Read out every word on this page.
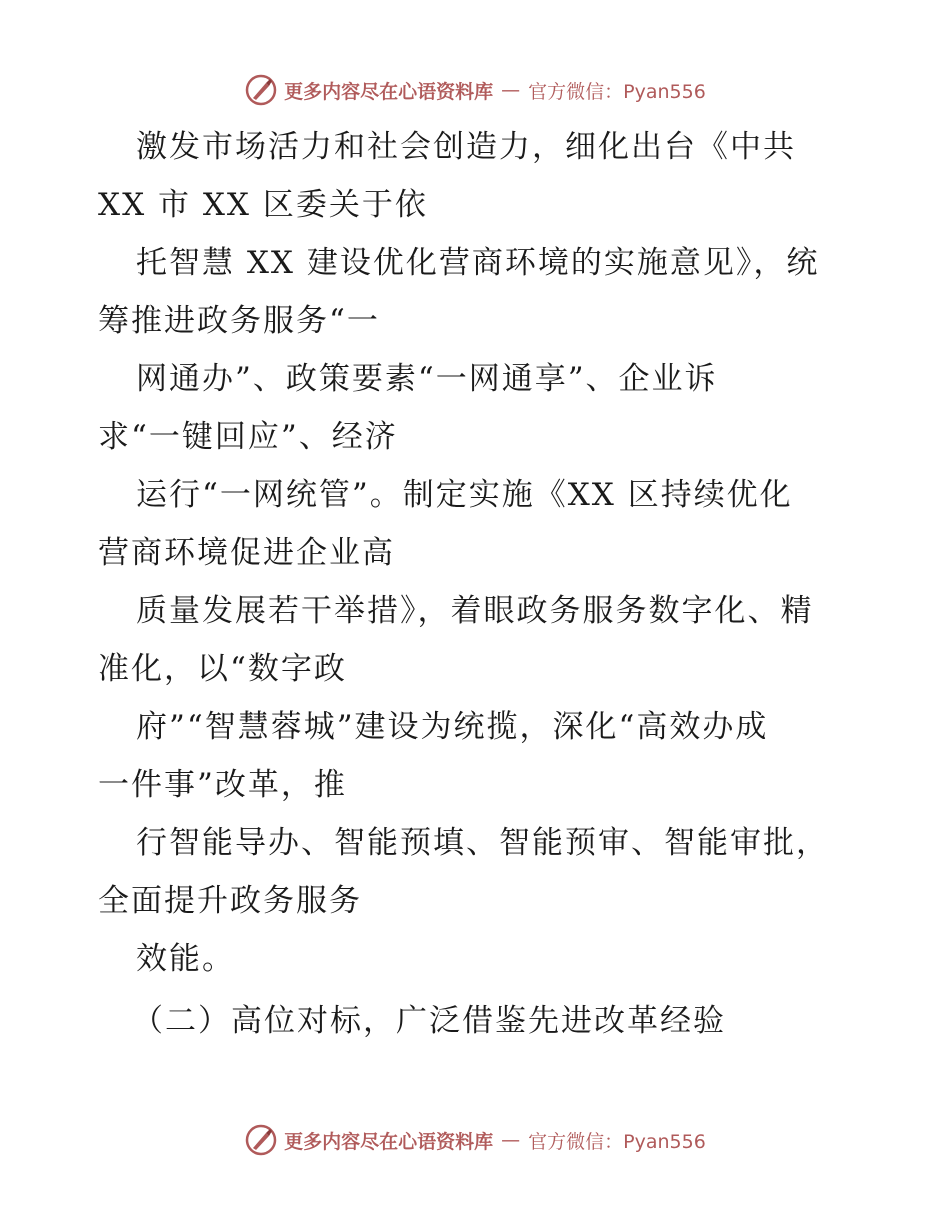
更多内容尽在心语资料库 — 官方微信：Pyan556
激发市场活力和社会创造力，细化出台《中共
XX 市 XX 区委关于依
托智慧 XX 建设优化营商环境的实施意见》，统
筹推进政务服务“一
网通办”、政策要素“一网通享”、企业诉
求“一键回应”、经济
运行“一网统管”。制定实施《XX 区持续优化
营商环境促进企业高
质量发展若干举措》，着眼政务服务数字化、精
准化，以“数字政
府”“智慧蓉城”建设为统揽，深化“高效办成
一件事”改革，推
行智能导办、智能预填、智能预审、智能审批，
全面提升政务服务
效能。
（二）高位对标，广泛借鉴先进改革经验
更多内容尽在心语资料库 — 官方微信：Pyan556
